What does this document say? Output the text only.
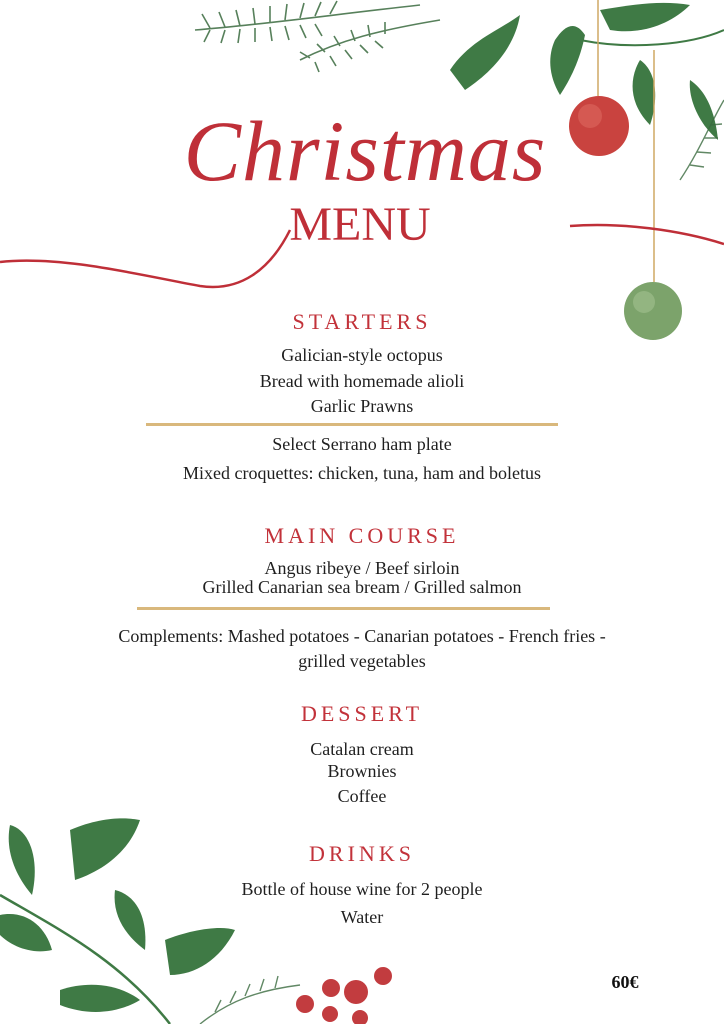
Christmas
MENU
STARTERS
Galician-style octopus
Bread with homemade alioli
Garlic Prawns
Select Serrano ham plate
Mixed croquettes: chicken, tuna, ham and boletus
MAIN COURSE
Angus ribeye / Beef sirloin
Grilled Canarian sea bream / Grilled salmon
Complements: Mashed potatoes - Canarian potatoes - French fries -
grilled vegetables
DESSERT
Catalan cream
Brownies
Coffee
DRINKS
Bottle of house wine for 2 people
Water
60€
